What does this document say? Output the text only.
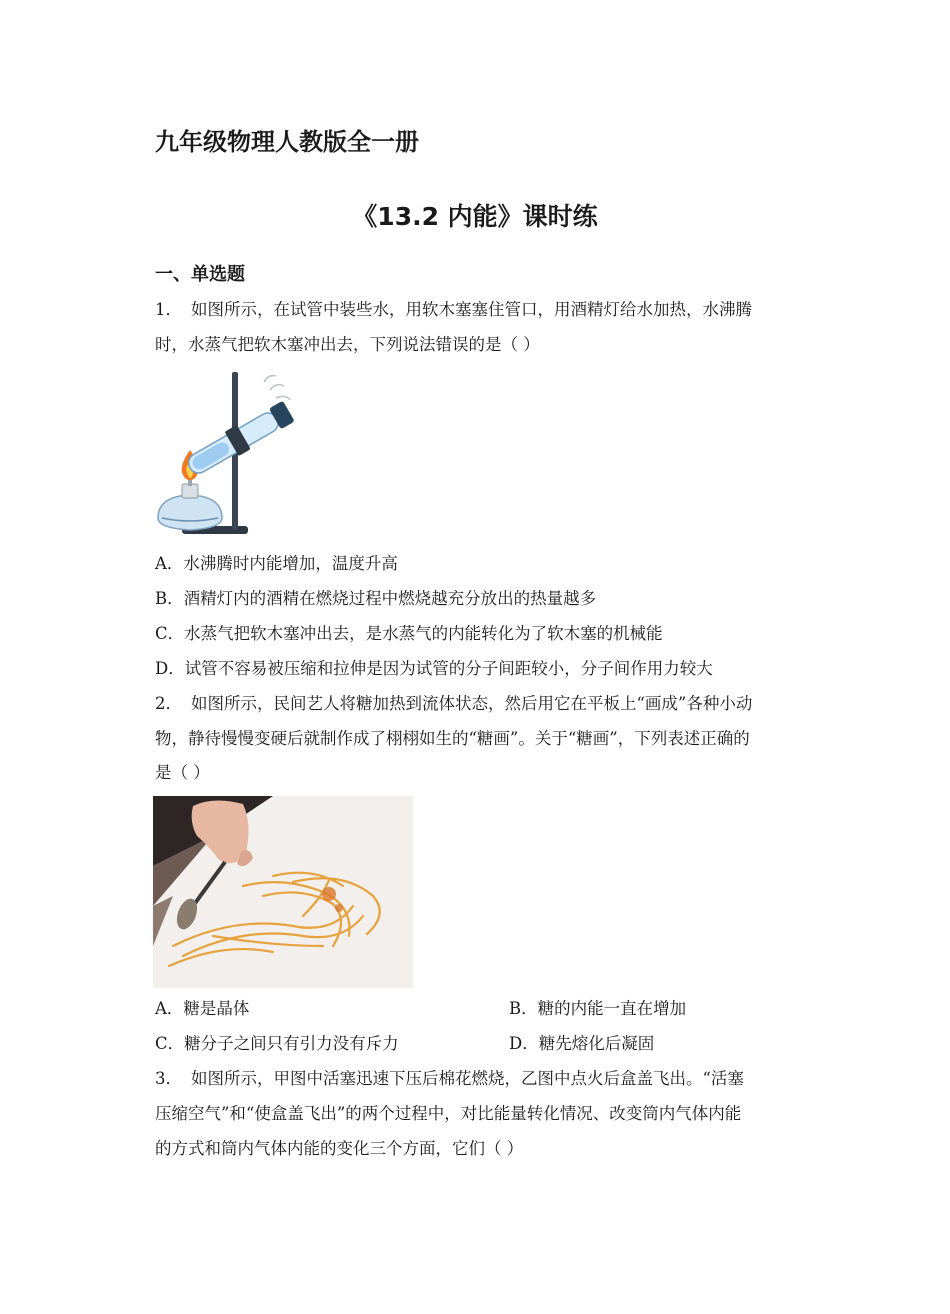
九年级物理人教版全一册
《13.2 内能》课时练
一、单选题
1． 如图所示，在试管中装些水，用软木塞塞住管口，用酒精灯给水加热，水沸腾
时，水蒸气把软木塞冲出去，下列说法错误的是（ ）
A．水沸腾时内能增加，温度升高
B．酒精灯内的酒精在燃烧过程中燃烧越充分放出的热量越多
C．水蒸气把软木塞冲出去，是水蒸气的内能转化为了软木塞的机械能
D．试管不容易被压缩和拉伸是因为试管的分子间距较小，分子间作用力较大
2． 如图所示，民间艺人将糖加热到流体状态，然后用它在平板上“画成”各种小动
物，静待慢慢变硬后就制作成了栩栩如生的“糖画”。关于“糖画”，下列表述正确的
是（ ）
A．糖是晶体	B．糖的内能一直在增加
C．糖分子之间只有引力没有斥力	D．糖先熔化后凝固
3． 如图所示，甲图中活塞迅速下压后棉花燃烧，乙图中点火后盒盖飞出。“活塞
压缩空气”和“使盒盖飞出”的两个过程中，对比能量转化情况、改变筒内气体内能
的方式和筒内气体内能的变化三个方面，它们（ ）
